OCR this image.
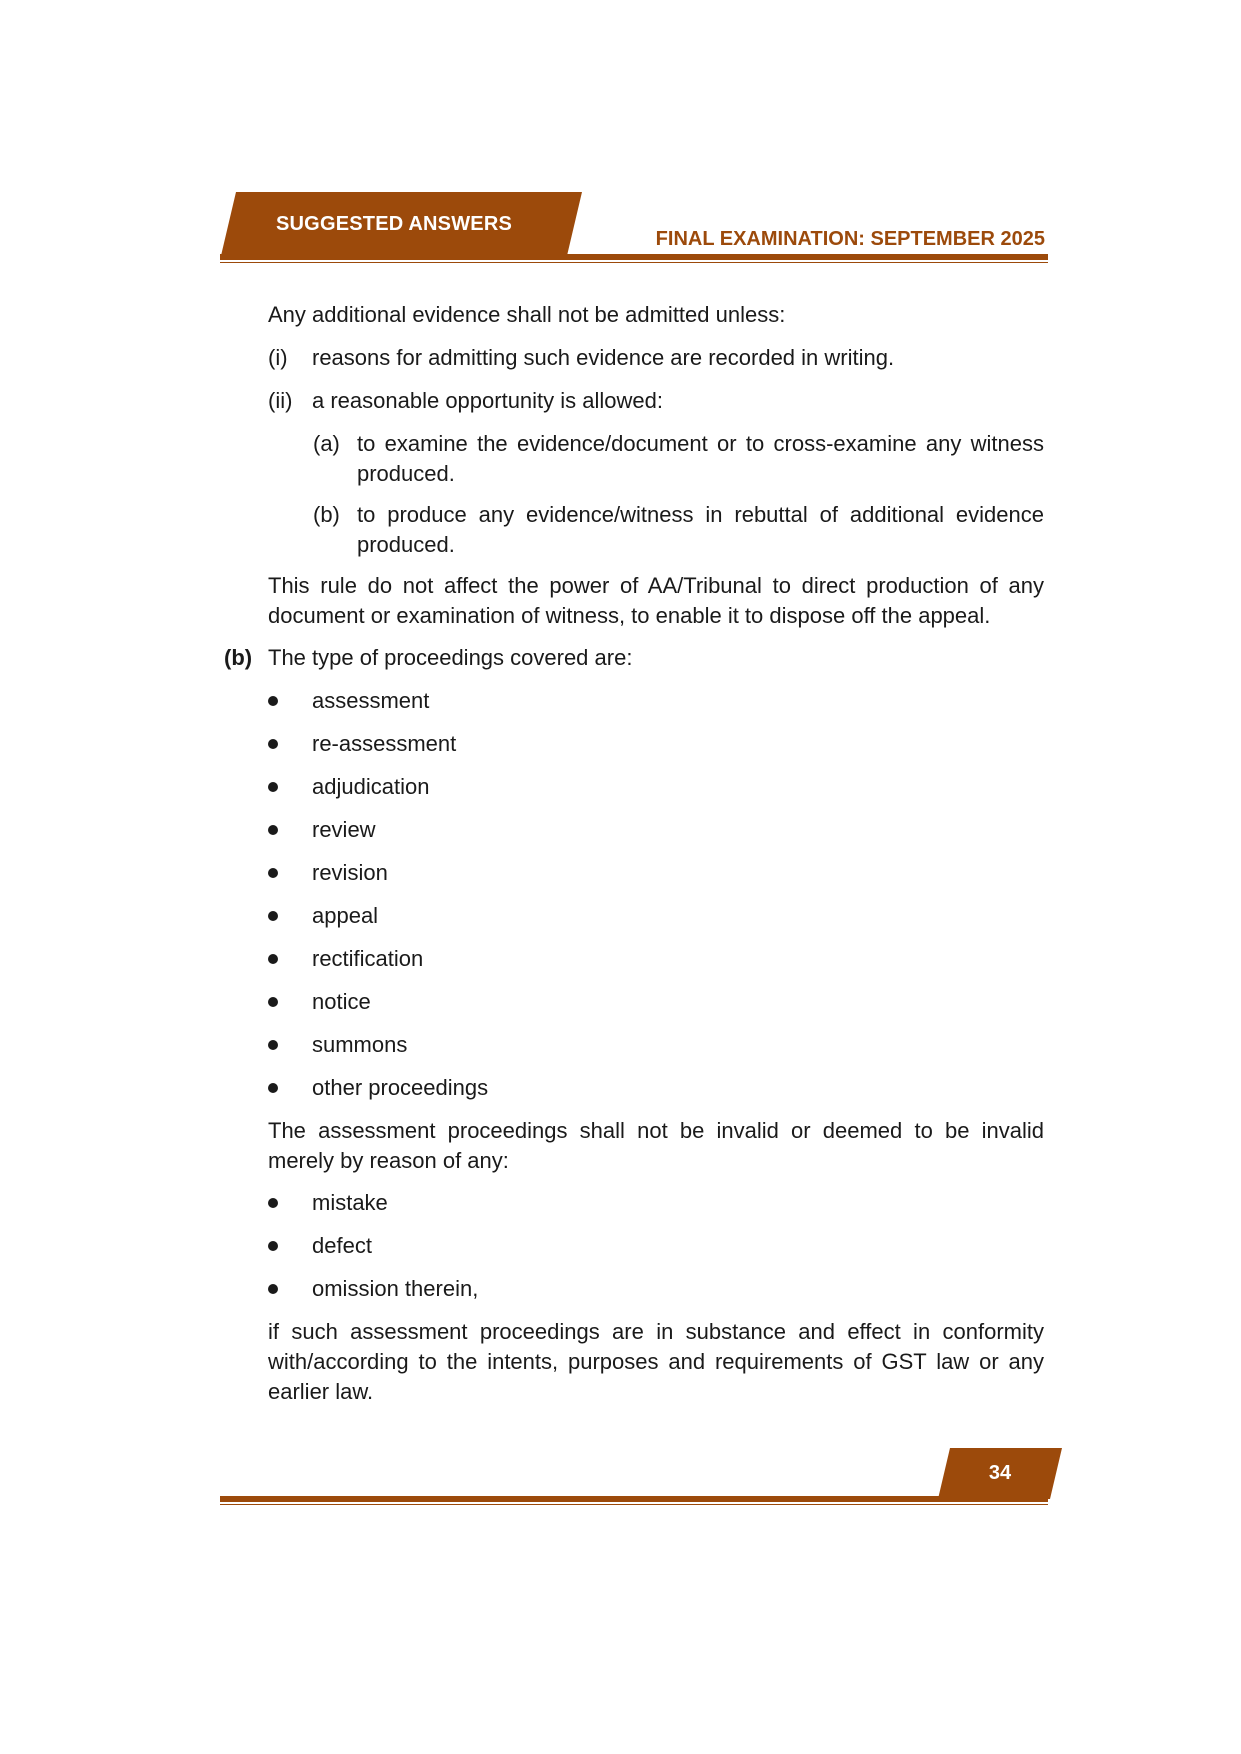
SUGGESTED ANSWERS
FINAL EXAMINATION: SEPTEMBER 2025
Any additional evidence shall not be admitted unless:
(i) reasons for admitting such evidence are recorded in writing.
(ii) a reasonable opportunity is allowed:
(a) to examine the evidence/document or to cross-examine any witness produced.
(b) to produce any evidence/witness in rebuttal of additional evidence produced.
This rule do not affect the power of AA/Tribunal to direct production of any document or examination of witness, to enable it to dispose off the appeal.
(b) The type of proceedings covered are:
assessment
re-assessment
adjudication
review
revision
appeal
rectification
notice
summons
other proceedings
The assessment proceedings shall not be invalid or deemed to be invalid merely by reason of any:
mistake
defect
omission therein,
if such assessment proceedings are in substance and effect in conformity with/according to the intents, purposes and requirements of GST law or any earlier law.
34
